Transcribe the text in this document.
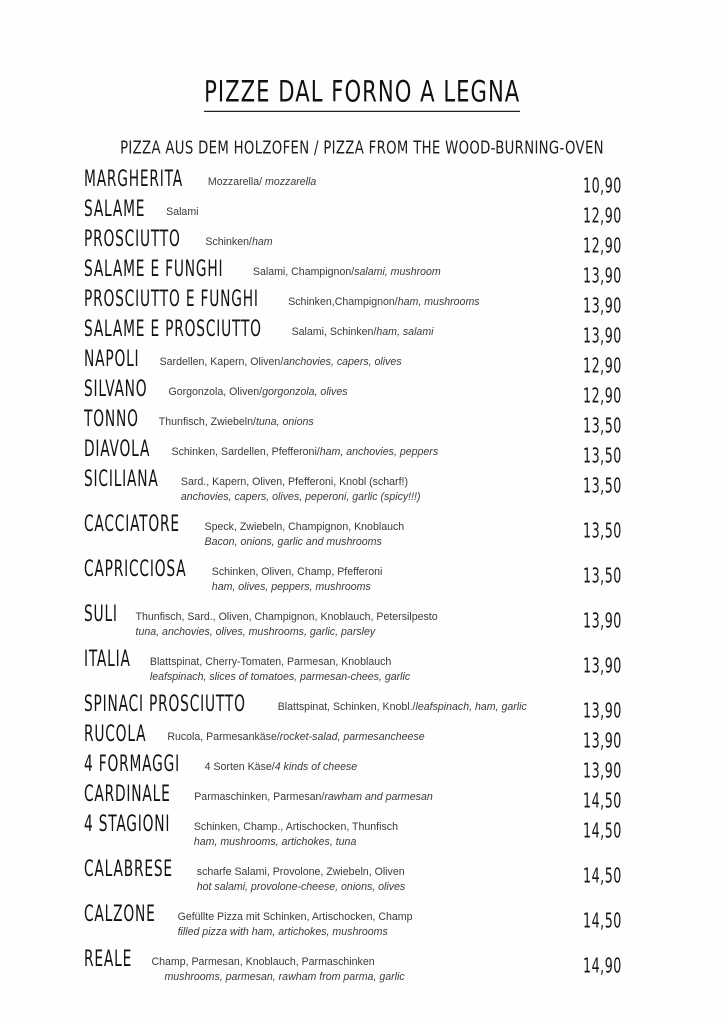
PIZZE DAL FORNO A LEGNA
PIZZA AUS DEM HOLZOFEN / PIZZA FROM THE WOOD-BURNING-OVEN
MARGHERITA Mozzarella/ mozzarella	10,90
SALAME Salami	12,90
PROSCIUTTO Schinken/ham	12,90
SALAME E FUNGHI	Salami, Champignon/salami, mushroom	13,90
PROSCIUTTO E FUNGHI	Schinken,Champignon/ham, mushrooms	13,90
SALAME E PROSCIUTTO	Salami, Schinken/ham, salami	13,90
NAPOLI Sardellen, Kapern, Oliven/anchovies, capers, olives	12,90
SILVANO Gorgonzola, Oliven/gorgonzola, olives	12,90
TONNO Thunfisch, Zwiebeln/tuna, onions	13,50
DIAVOLA Schinken, Sardellen, Pfefferoni/ham, anchovies, peppers	13,50
SICILIANA Sard., Kapern, Oliven, Pfefferoni, Knobl (scharf!)
anchovies, capers, olives, peperoni, garlic (spicy!!!)	13,50
CACCIATORE Speck, Zwiebeln, Champignon, Knoblauch
Bacon, onions, garlic and mushrooms	13,50
CAPRICCIOSA Schinken, Oliven, Champ, Pfefferoni
ham, olives, peppers, mushrooms	13,50
SULI Thunfisch, Sard., Oliven, Champignon, Knoblauch, Petersilpesto
tuna, anchovies, olives, mushrooms, garlic, parsley	13,90
ITALIA Blattspinat, Cherry-Tomaten, Parmesan, Knoblauch
leafspinach, slices of tomatoes, parmesan-chees, garlic	13,90
SPINACI PROSCIUTTO	Blattspinat, Schinken, Knobl./leafspinach, ham, garlic	13,90
RUCOLA Rucola, Parmesankäse/rocket-salad, parmesancheese	13,90
4 FORMAGGI 4 Sorten Käse/4 kinds of cheese	13,90
CARDINALE Parmaschinken, Parmesan/rawham and parmesan	14,50
4 STAGIONI Schinken, Champ., Artischocken, Thunfisch
ham, mushrooms, artichokes, tuna	14,50
CALABRESE scharfe Salami, Provolone, Zwiebeln, Oliven
hot salami, provolone-cheese, onions, olives	14,50
CALZONE Gefüllte Pizza mit Schinken, Artischocken, Champ
filled pizza with ham, artichokes, mushrooms	14,50
REALE Champ, Parmesan, Knoblauch, Parmaschinken
mushrooms, parmesan, rawham from parma, garlic	14,90
